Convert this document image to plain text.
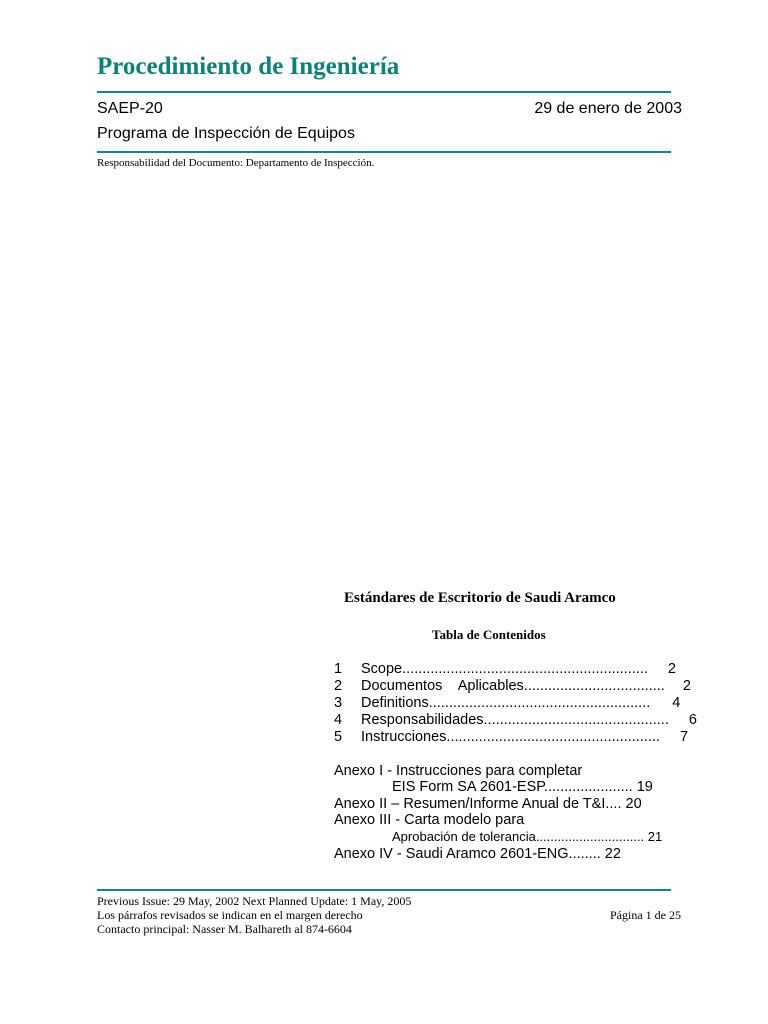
Procedimiento de Ingeniería
SAEP-20	29 de enero de 2003
Programa de Inspección de Equipos
Responsabilidad del Documento: Departamento de Inspección.
Estándares de Escritorio de Saudi Aramco
Tabla de Contenidos
1 Scope............................................................. 2
2 Documentos    Aplicables................................... 2
3 Definitions....................................................... 4
4 Responsabilidades.............................................. 6
5 Instrucciones..................................................... 7
Anexo I - Instrucciones para completar
EIS Form SA 2601-ESP...................... 19
Anexo II – Resumen/Informe Anual de T&I.... 20
Anexo III - Carta modelo para
Aprobación de tolerancia.............................. 21
Anexo IV - Saudi Aramco 2601-ENG........ 22
Previous Issue: 29 May, 2002 Next Planned Update: 1 May, 2005
Los párrafos revisados se indican en el margen derecho
Contacto principal: Nasser M. Balhareth al 874-6604
Página 1 de 25
